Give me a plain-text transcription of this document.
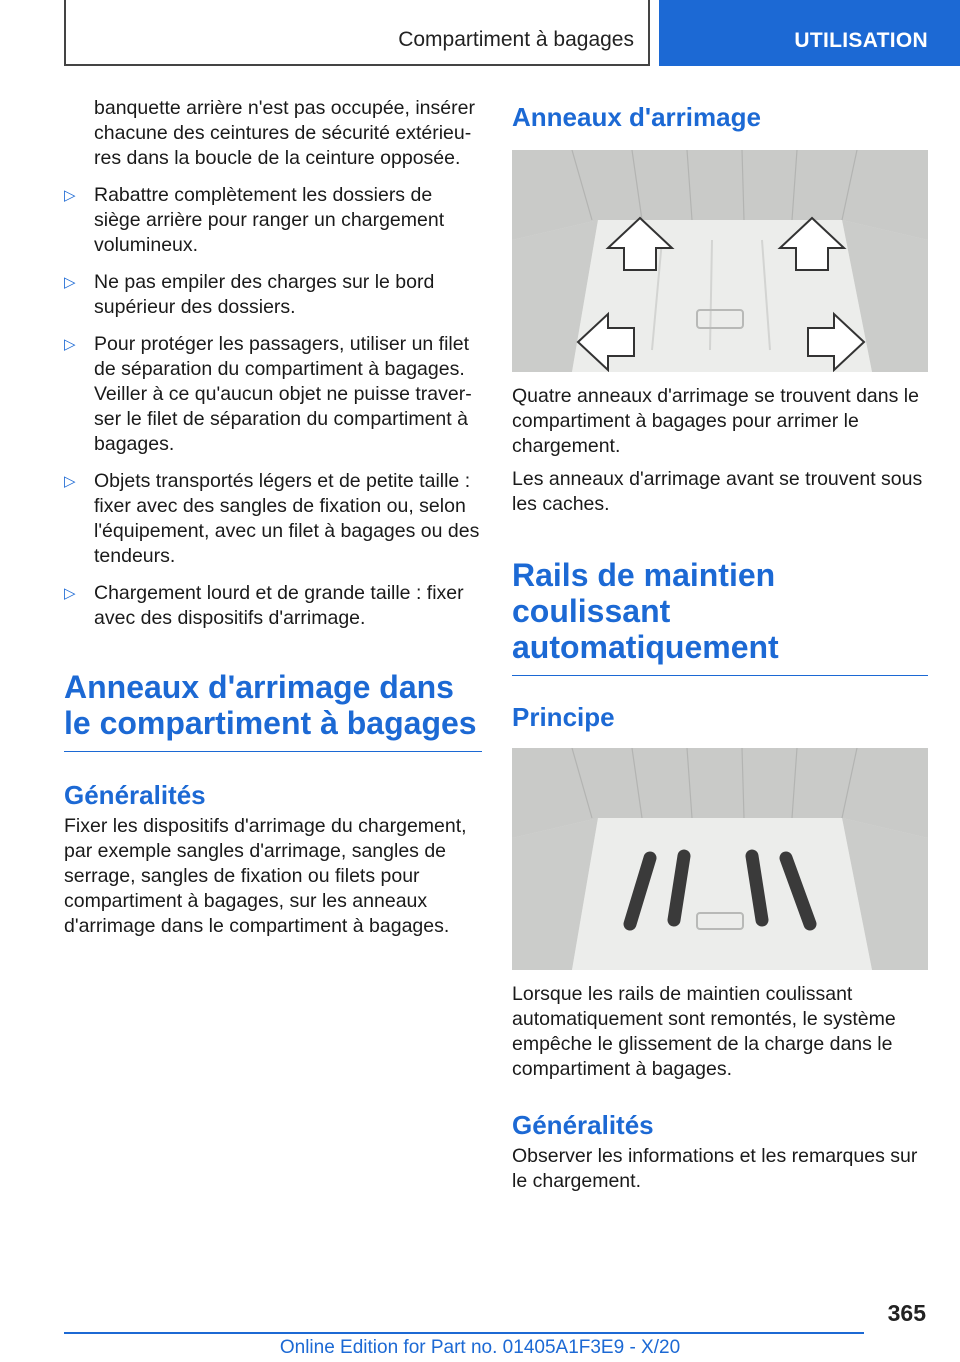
Compartiment à bagages	UTILISATION

banquette arrière n'est pas occupée, insérer chacune des ceintures de sécurité extérieures dans la boucle de la ceinture opposée.

▷ Rabattre complètement les dossiers de siège arrière pour ranger un chargement volumineux.
▷ Ne pas empiler des charges sur le bord supérieur des dossiers.
▷ Pour protéger les passagers, utiliser un filet de séparation du compartiment à bagages. Veiller à ce qu'aucun objet ne puisse traverser le filet de séparation du compartiment à bagages.
▷ Objets transportés légers et de petite taille : fixer avec des sangles de fixation ou, selon l'équipement, avec un filet à bagages ou des tendeurs.
▷ Chargement lourd et de grande taille : fixer avec des dispositifs d'arrimage.
Anneaux d'arrimage dans le compartiment à bagages
Généralités

Fixer les dispositifs d'arrimage du chargement, par exemple sangles d'arrimage, sangles de serrage, sangles de fixation ou filets pour compartiment à bagages, sur les anneaux d'arrimage dans le compartiment à bagages.

Anneaux d'arrimage

Quatre anneaux d'arrimage se trouvent dans le compartiment à bagages pour arrimer le chargement.

Les anneaux d'arrimage avant se trouvent sous les caches.

Rails de maintien coulissant automatiquement
Principe

Lorsque les rails de maintien coulissant automatiquement sont remontés, le système empêche le glissement de la charge dans le compartiment à bagages.

Généralités

Observer les informations et les remarques sur le chargement.

365
Online Edition for Part no. 01405A1F3E9 - X/20
